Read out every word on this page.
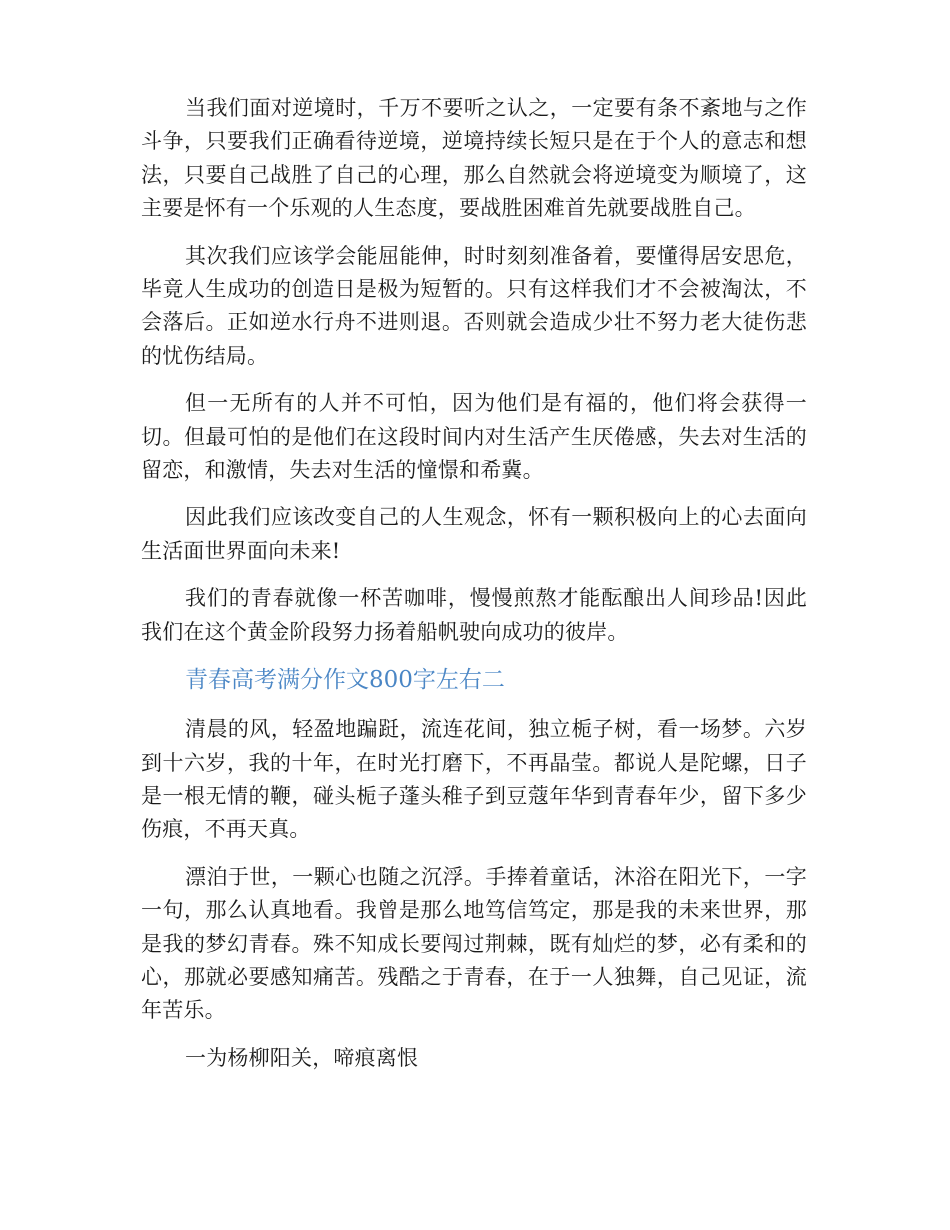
当我们面对逆境时，千万不要听之认之，一定要有条不紊地与之作斗争，只要我们正确看待逆境，逆境持续长短只是在于个人的意志和想法，只要自己战胜了自己的心理，那么自然就会将逆境变为顺境了，这主要是怀有一个乐观的人生态度，要战胜困难首先就要战胜自己。

其次我们应该学会能屈能伸，时时刻刻准备着，要懂得居安思危，毕竟人生成功的创造日是极为短暂的。只有这样我们才不会被淘汰，不会落后。正如逆水行舟不进则退。否则就会造成少壮不努力老大徒伤悲的忧伤结局。

但一无所有的人并不可怕，因为他们是有福的，他们将会获得一切。但最可怕的是他们在这段时间内对生活产生厌倦感，失去对生活的留恋，和激情，失去对生活的憧憬和希冀。

因此我们应该改变自己的人生观念，怀有一颗积极向上的心去面向生活面世界面向未来!

我们的青春就像一杯苦咖啡，慢慢煎熬才能酝酿出人间珍品!因此我们在这个黄金阶段努力扬着船帆驶向成功的彼岸。

青春高考满分作文800字左右二

清晨的风，轻盈地蹁跹，流连花间，独立栀子树，看一场梦。六岁到十六岁，我的十年，在时光打磨下，不再晶莹。都说人是陀螺，日子是一根无情的鞭，碰头栀子蓬头稚子到豆蔻年华到青春年少，留下多少伤痕，不再天真。

漂泊于世，一颗心也随之沉浮。手捧着童话，沐浴在阳光下，一字一句，那么认真地看。我曾是那么地笃信笃定，那是我的未来世界，那是我的梦幻青春。殊不知成长要闯过荆棘，既有灿烂的梦，必有柔和的心，那就必要感知痛苦。残酷之于青春，在于一人独舞，自己见证，流年苦乐。

一为杨柳阳关，啼痕离恨
